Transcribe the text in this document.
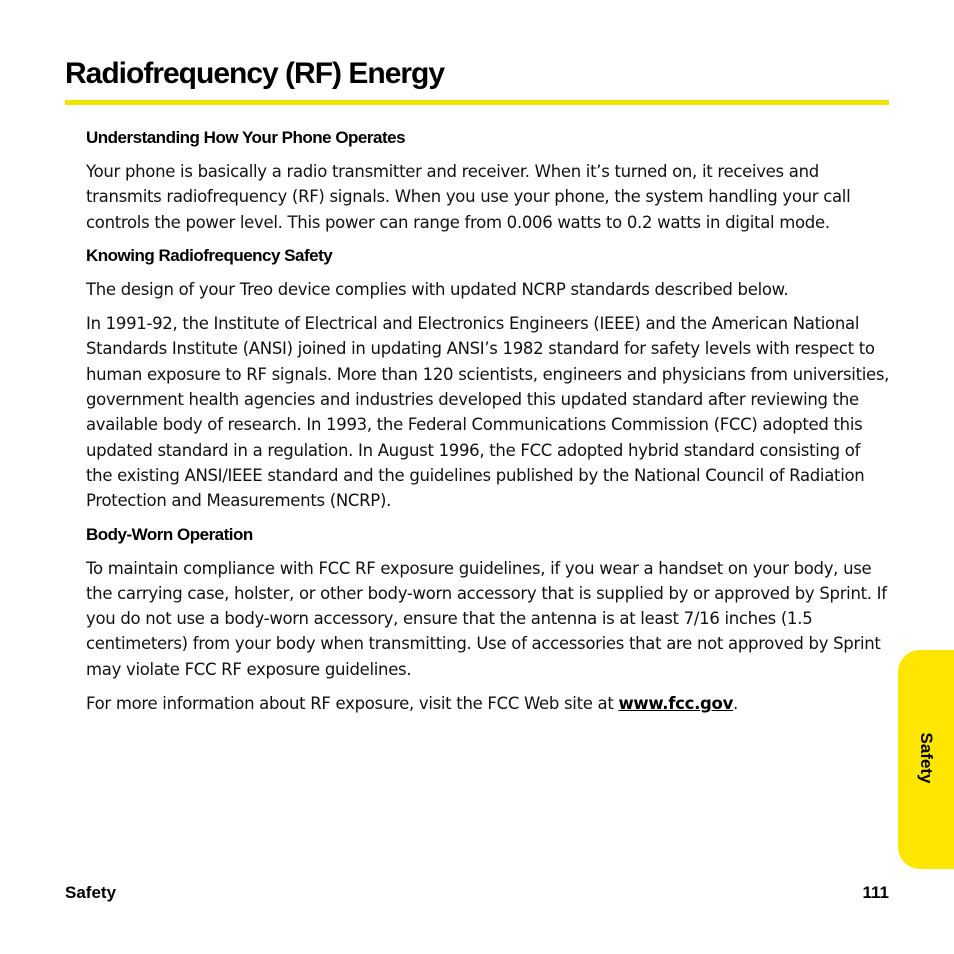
Radiofrequency (RF) Energy
Understanding How Your Phone Operates

Your phone is basically a radio transmitter and receiver. When it’s turned on, it receives and transmits radiofrequency (RF) signals. When you use your phone, the system handling your call controls the power level. This power can range from 0.006 watts to 0.2 watts in digital mode.

Knowing Radiofrequency Safety

The design of your Treo device complies with updated NCRP standards described below.

In 1991-92, the Institute of Electrical and Electronics Engineers (IEEE) and the American National Standards Institute (ANSI) joined in updating ANSI’s 1982 standard for safety levels with respect to human exposure to RF signals. More than 120 scientists, engineers and physicians from universities, government health agencies and industries developed this updated standard after reviewing the available body of research. In 1993, the Federal Communications Commission (FCC) adopted this updated standard in a regulation. In August 1996, the FCC adopted hybrid standard consisting of the existing ANSI/IEEE standard and the guidelines published by the National Council of Radiation Protection and Measurements (NCRP).

Body-Worn Operation

To maintain compliance with FCC RF exposure guidelines, if you wear a handset on your body, use the carrying case, holster, or other body-worn accessory that is supplied by or approved by Sprint. If you do not use a body-worn accessory, ensure that the antenna is at least 7/16 inches (1.5 centimeters) from your body when transmitting. Use of accessories that are not approved by Sprint may violate FCC RF exposure guidelines.

For more information about RF exposure, visit the FCC Web site at www.fcc.gov.

Safety
Safety	111
